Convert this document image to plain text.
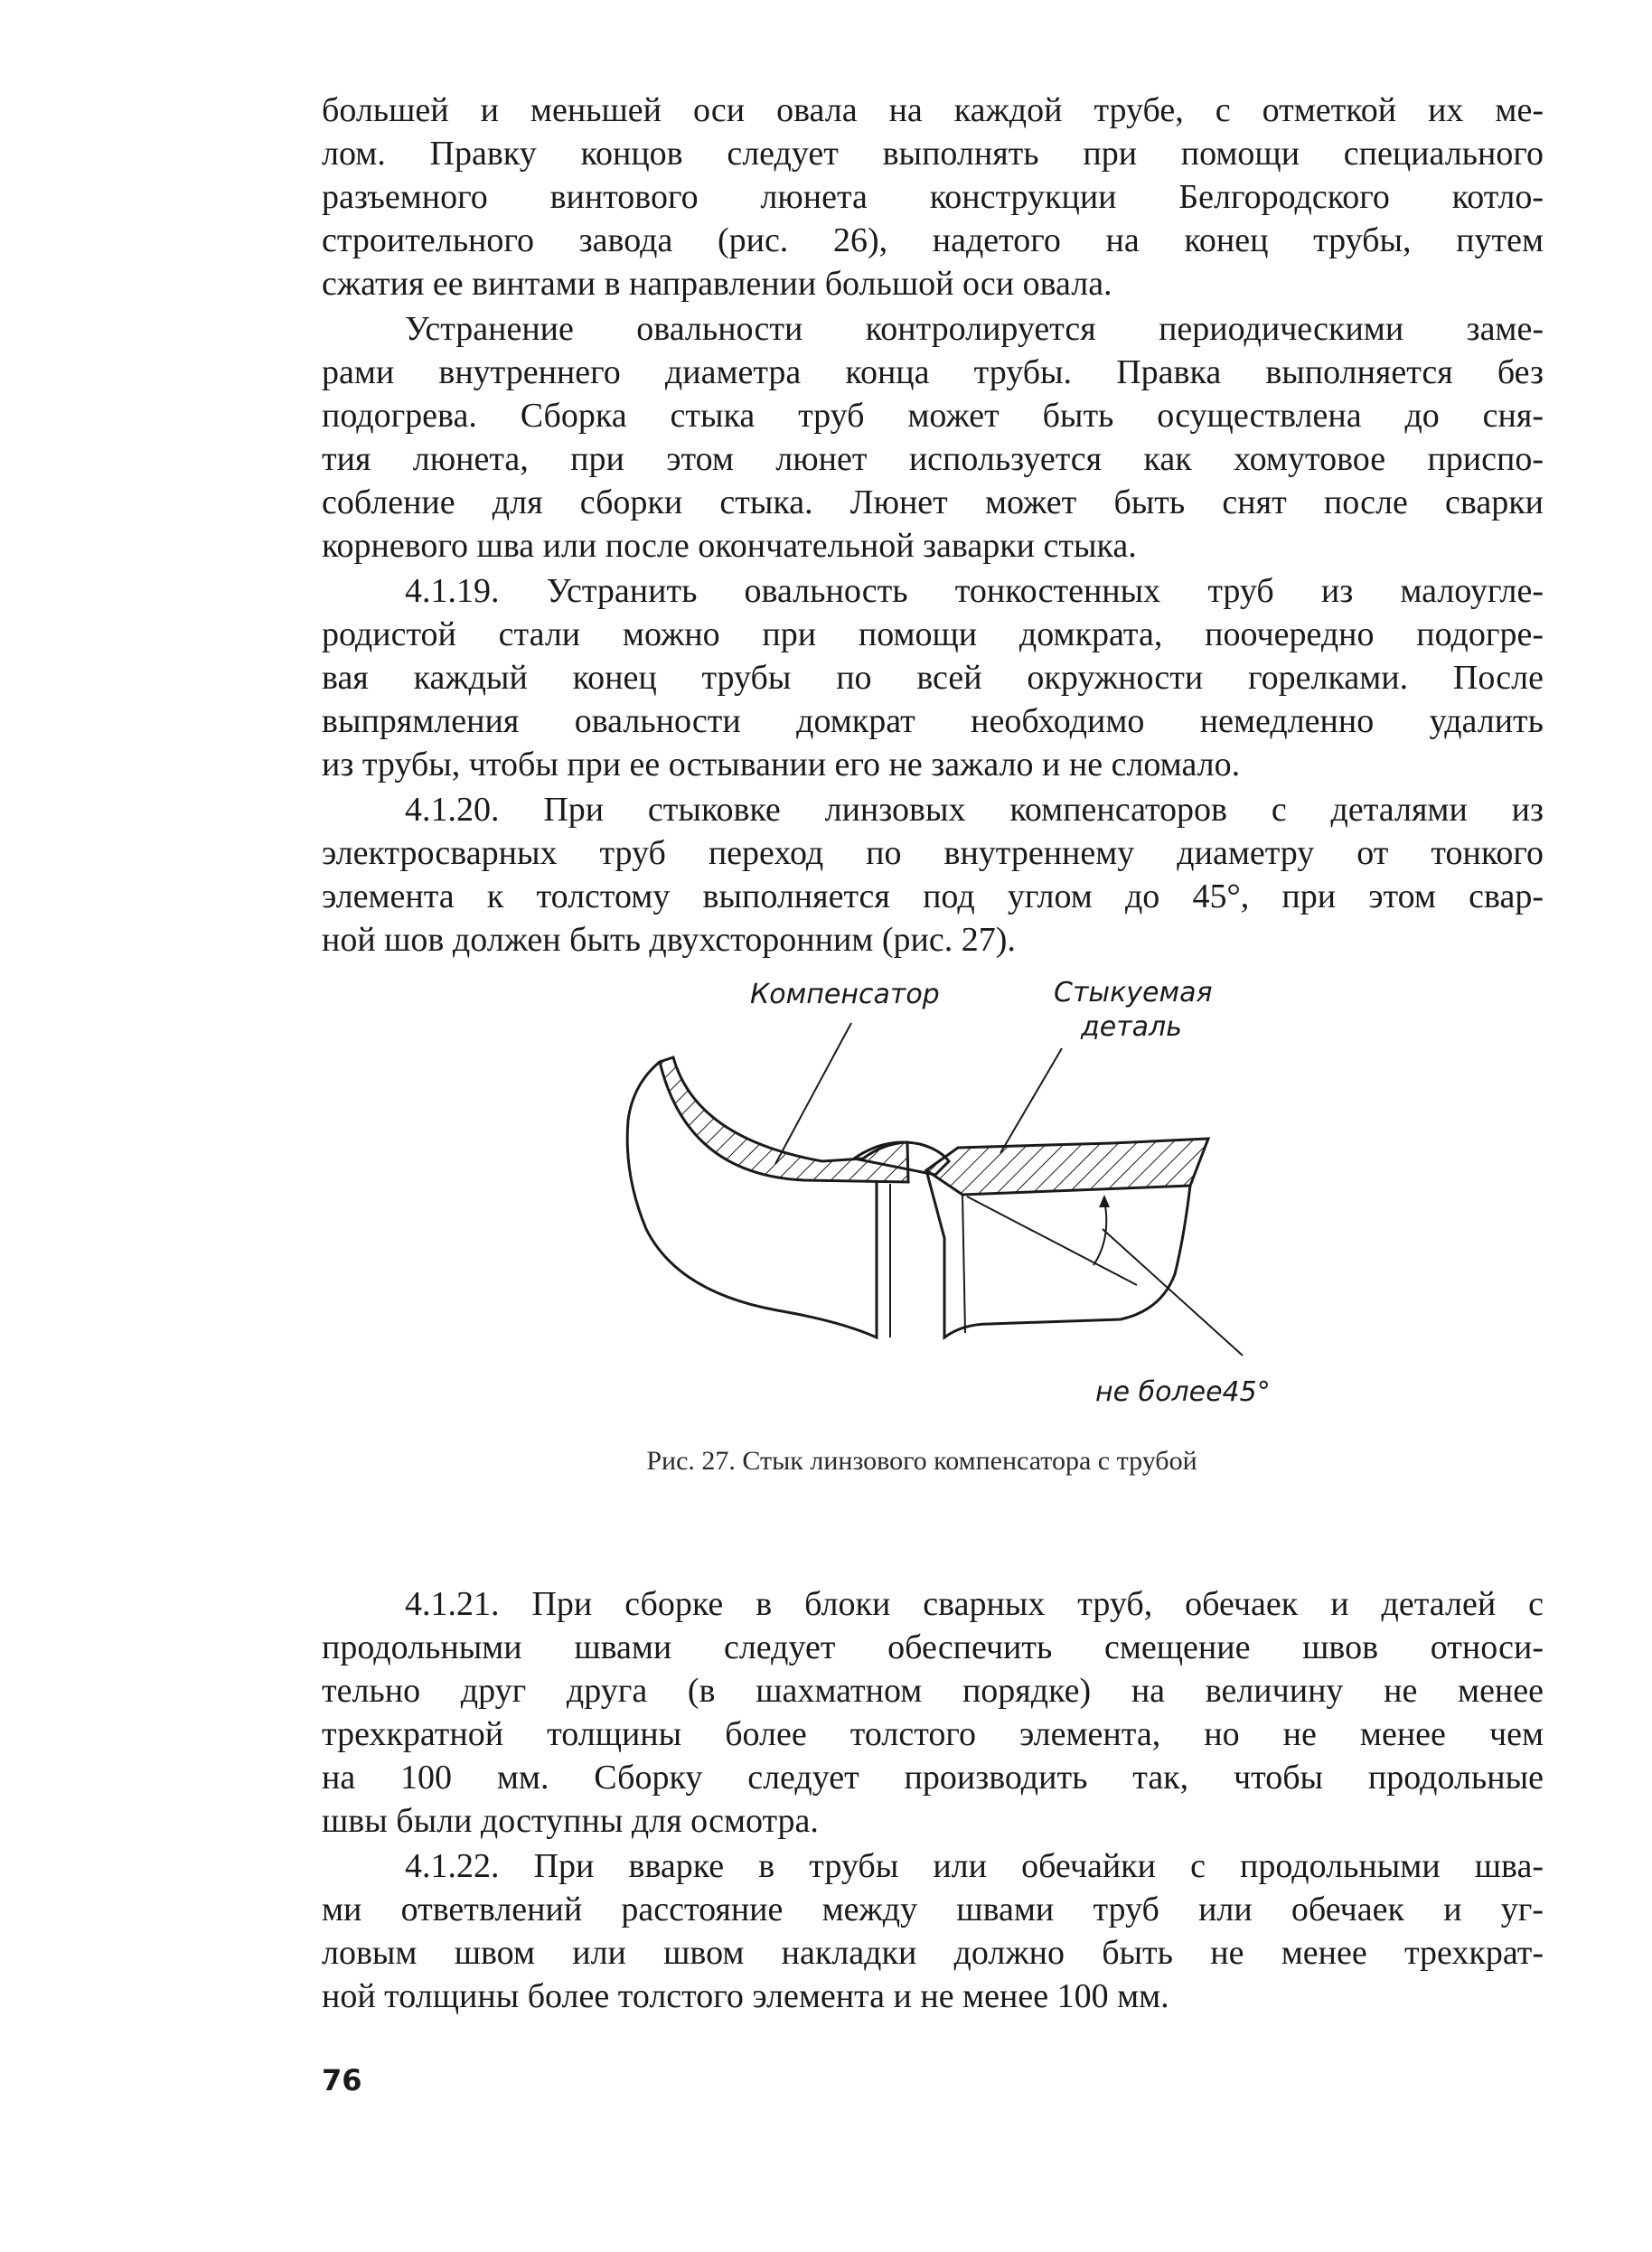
большей и меньшей оси овала на каждой трубе, с отметкой их ме-
лом. Правку концов следует выполнять при помощи специального
разъемного винтового люнета конструкции Белгородского котло-
строительного завода (рис. 26), надетого на конец трубы, путем
сжатия ее винтами в направлении большой оси овала.
Устранение овальности контролируется периодическими заме-
рами внутреннего диаметра конца трубы. Правка выполняется без
подогрева. Сборка стыка труб может быть осуществлена до сня-
тия люнета, при этом люнет используется как хомутовое приспо-
собление для сборки стыка. Люнет может быть снят после сварки
корневого шва или после окончательной заварки стыка.
4.1.19. Устранить овальность тонкостенных труб из малоугле-
родистой стали можно при помощи домкрата, поочередно подогре-
вая каждый конец трубы по всей окружности горелками. После
выпрямления овальности домкрат необходимо немедленно удалить
из трубы, чтобы при ее остывании его не зажало и не сломало.
4.1.20. При стыковке линзовых компенсаторов с деталями из
электросварных труб переход по внутреннему диаметру от тонкого
элемента к толстому выполняется под углом до 45°, при этом свар-
ной шов должен быть двухсторонним (рис. 27).
Компенсатор	Стыкуемая
деталь
не более45°
Рис. 27. Стык линзового компенсатора с трубой
4.1.21. При сборке в блоки сварных труб, обечаек и деталей с
продольными швами следует обеспечить смещение швов относи-
тельно друг друга (в шахматном порядке) на величину не менее
трехкратной толщины более толстого элемента, но не менее чем
на 100 мм. Сборку следует производить так, чтобы продольные
швы были доступны для осмотра.
4.1.22. При вварке в трубы или обечайки с продольными шва-
ми ответвлений расстояние между швами труб или обечаек и уг-
ловым швом или швом накладки должно быть не менее трехкрат-
ной толщины более толстого элемента и не менее 100 мм.
76
